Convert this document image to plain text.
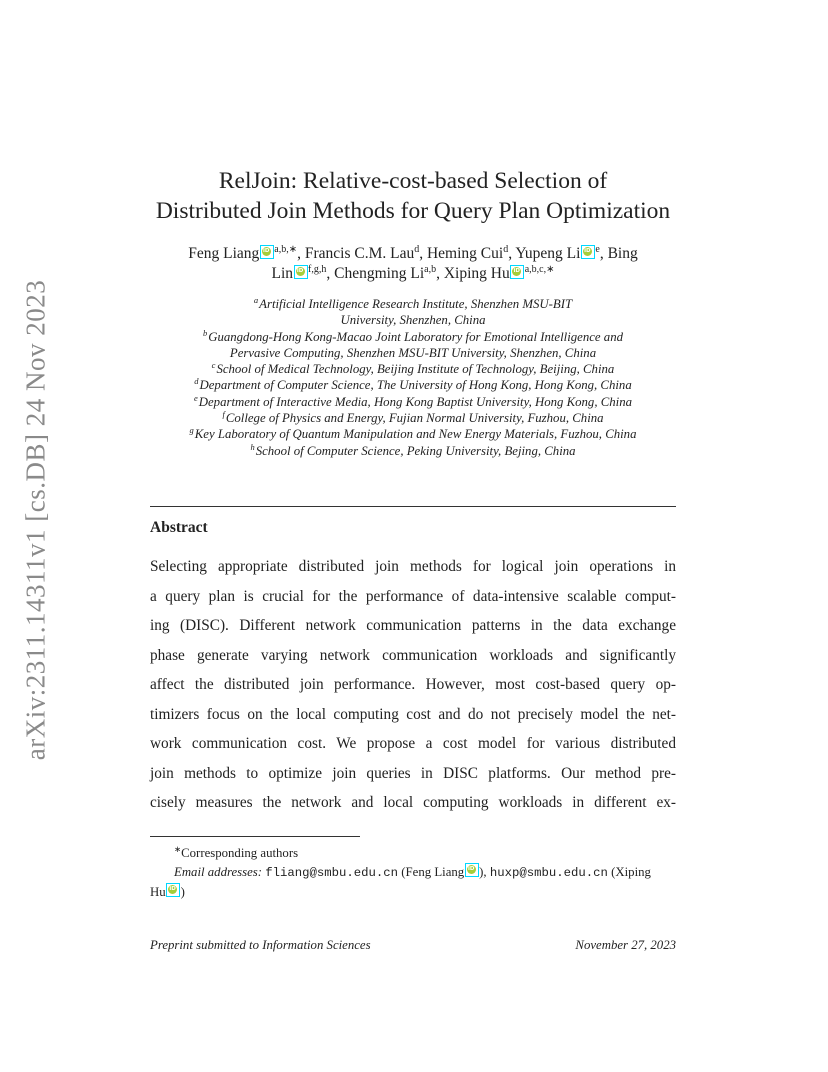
arXiv:2311.14311v1 [cs.DB] 24 Nov 2023
RelJoin: Relative-cost-based Selection of
Distributed Join Methods for Query Plan Optimization
Feng Liang iD $^{a,b,∗}$, Francis C.M. Lau$^d$, Heming Cui$^d$, Yupeng Li iD $^e$, Bing
Lin iD $^{f,g,h}$, Chengming Li$^{a,b}$, Xiping Hu iD $^{a,b,c,∗}$
$^a$Artificial Intelligence Research Institute, Shenzhen MSU-BIT
University, Shenzhen, China
$^b$Guangdong-Hong Kong-Macao Joint Laboratory for Emotional Intelligence and
Pervasive Computing, Shenzhen MSU-BIT University, Shenzhen, China
$^c$School of Medical Technology, Beijing Institute of Technology, Beijing, China
$^d$Department of Computer Science, The University of Hong Kong, Hong Kong, China
$^e$Department of Interactive Media, Hong Kong Baptist University, Hong Kong, China
$^f$College of Physics and Energy, Fujian Normal University, Fuzhou, China
$^g$Key Laboratory of Quantum Manipulation and New Energy Materials, Fuzhou, China
$^h$School of Computer Science, Peking University, Bejing, China
Abstract
Selecting appropriate distributed join methods for logical join operations in
a query plan is crucial for the performance of data-intensive scalable comput-
ing (DISC). Different network communication patterns in the data exchange
phase generate varying network communication workloads and significantly
affect the distributed join performance. However, most cost-based query op-
timizers focus on the local computing cost and do not precisely model the net-
work communication cost. We propose a cost model for various distributed
join methods to optimize join queries in DISC platforms. Our method pre-
cisely measures the network and local computing workloads in different ex-
∗Corresponding authors
Email addresses: fliang@smbu.edu.cn (Feng Liang iD ), huxp@smbu.edu.cn (Xiping
Hu iD )
Preprint submitted to Information Sciences	November 27, 2023
